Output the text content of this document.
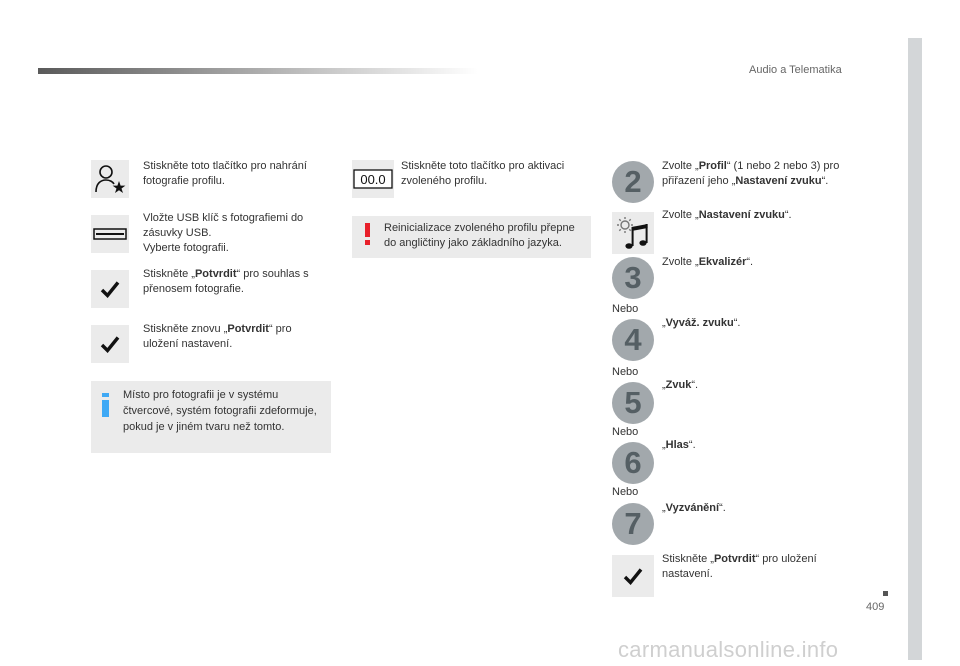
Audio a Telematika
409
carmanualsonline.info
Stiskněte toto tlačítko pro nahrání fotografie profilu.
Vložte USB klíč s fotografiemi do zásuvky USB.
Vyberte fotografii.
Stiskněte „Potvrdit“ pro souhlas s přenosem fotografie.
Stiskněte znovu „Potvrdit“ pro uložení nastavení.
Místo pro fotografii je v systému čtvercové, systém fotografii zdeformuje, pokud je v jiném tvaru než tomto.
00.0
Stiskněte toto tlačítko pro aktivaci zvoleného profilu.
Reinicializace zvoleného profilu přepne do angličtiny jako základního jazyka.
2	Zvolte „Profil“ (1 nebo 2 nebo 3) pro přiřazení jeho „Nastavení zvuku“.
Zvolte „Nastavení zvuku“.
3	Zvolte „Ekvalizér“.
Nebo
4	„Vyváž. zvuku“.
Nebo
5	„Zvuk“.
Nebo
6	„Hlas“.
Nebo
7	„Vyzvánění“.
Stiskněte „Potvrdit“ pro uložení nastavení.
